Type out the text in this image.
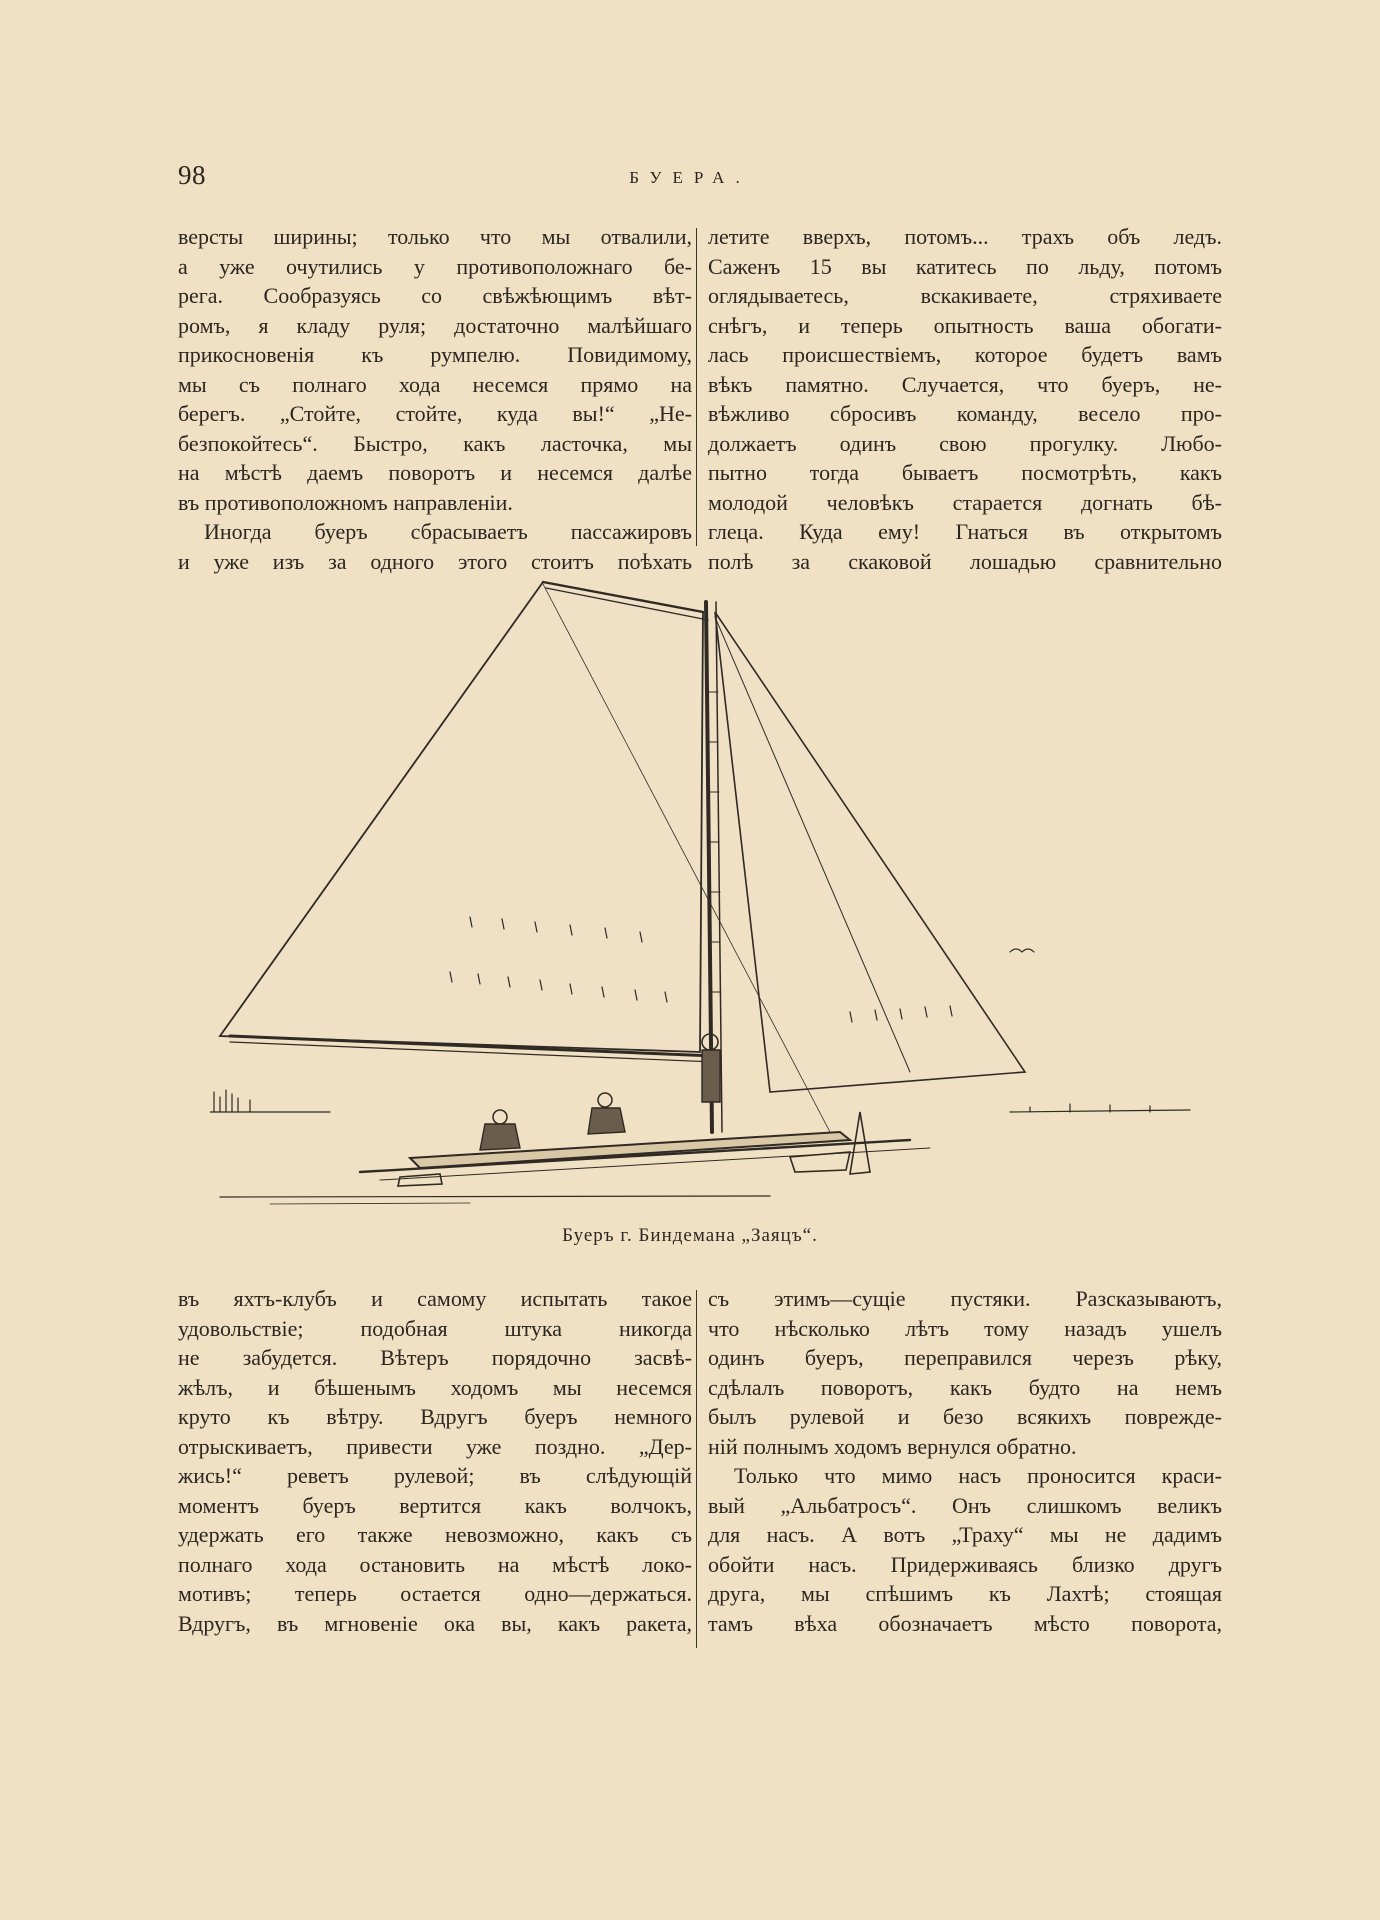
98	БУЕРА.

версты ширины; только что мы отвалили,

а уже очутились у противоположнаго бе-

рега. Сообразуясь со свѣжѣющимъ вѣт-

ромъ, я кладу руля; достаточно малѣйшаго

прикосновенія къ румпелю. Повидимому,

мы съ полнаго хода несемся прямо на

берегъ. „Стойте, стойте, куда вы!“ „Не-

безпокойтесь“. Быстро, какъ ласточка, мы

на мѣстѣ даемъ поворотъ и несемся далѣе

въ противоположномъ направленіи.

Иногда буеръ сбрасываетъ пассажировъ

и уже изъ за одного этого стоитъ поѣхать

летите вверхъ, потомъ... трахъ объ ледъ.

Саженъ 15 вы катитесь по льду, потомъ

оглядываетесь, вскакиваете, стряхиваете

снѣгъ, и теперь опытность ваша обогати-

лась происшествіемъ, которое будетъ вамъ

вѣкъ памятно. Случается, что буеръ, не-

вѣжливо сбросивъ команду, весело про-

должаетъ одинъ свою прогулку. Любо-

пытно тогда бываетъ посмотрѣть, какъ

молодой человѣкъ старается догнать бѣ-

глеца. Куда ему! Гнаться въ открытомъ

полѣ за скаковой лошадью сравнительно

Буеръ г. Биндемана „Заяцъ“.

въ яхтъ-клубъ и самому испытать такое

удовольствіе; подобная штука никогда

не забудется. Вѣтеръ порядочно засвѣ-

жѣлъ, и бѣшенымъ ходомъ мы несемся

круто къ вѣтру. Вдругъ буеръ немного

отрыскиваетъ, привести уже поздно. „Дер-

жись!“ реветъ рулевой; въ слѣдующій

моментъ буеръ вертится какъ волчокъ,

удержать его также невозможно, какъ съ

полнаго хода остановить на мѣстѣ локо-

мотивъ; теперь остается одно—держаться.

Вдругъ, въ мгновеніе ока вы, какъ ракета,

съ этимъ—сущіе пустяки. Разсказываютъ,

что нѣсколько лѣтъ тому назадъ ушелъ

одинъ буеръ, переправился черезъ рѣку,

сдѣлалъ поворотъ, какъ будто на немъ

былъ рулевой и безо всякихъ поврежде-

ній полнымъ ходомъ вернулся обратно.

Только что мимо насъ проносится краси-

вый „Альбатросъ“. Онъ слишкомъ великъ

для насъ. А вотъ „Траху“ мы не дадимъ

обойти насъ. Придерживаясь близко другъ

друга, мы спѣшимъ къ Лахтѣ; стоящая

тамъ вѣха обозначаетъ мѣсто поворота,
